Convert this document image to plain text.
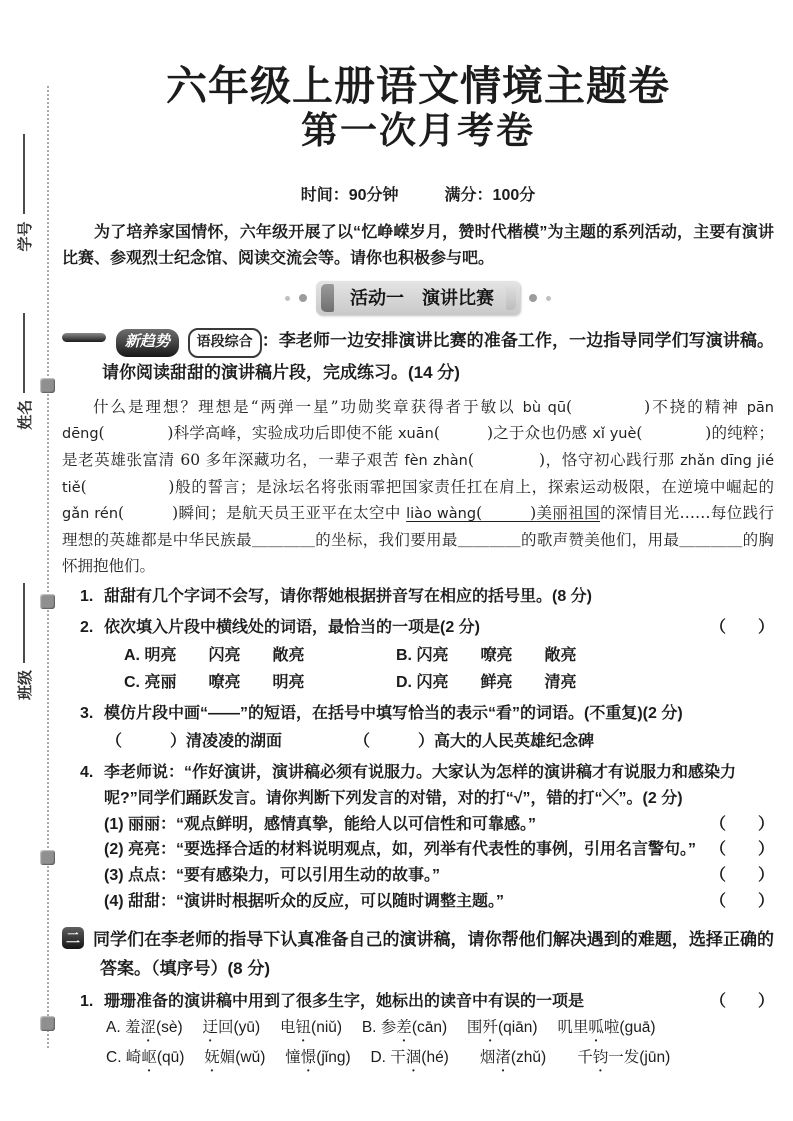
班级 姓名 学号
六年级上册语文情境主题卷
第一次月考卷
时间：90分钟	满分：100分

为了培养家国情怀，六年级开展了以“忆峥嵘岁月，赞时代楷模”为主题的系列活动，主要有演讲比赛、参观烈士纪念馆、阅读交流会等。请你也积极参与吧。

活动一　演讲比赛
新趋势 语段综合 ：李老师一边安排演讲比赛的准备工作，一边指导同学们写演讲稿。请你阅读甜甜的演讲稿片段，完成练习。(14 分)

什么是理想？理想是“两弹一星”功勋奖章获得者于敏以 bù qū(　　　　)不挠的精神 pān dēng(　　　　)科学高峰，实验成功后即使不能 xuān(　　　)之于众也仍感 xǐ yuè(　　　　)的纯粹；是老英雄张富清 60 多年深藏功名，一辈子艰苦 fèn zhàn(　　　　)，恪守初心践行那 zhǎn dīng jié tiě(　　　　　)般的誓言；是泳坛名将张雨霏把国家责任扛在肩上，探索运动极限，在逆境中崛起的 gǎn rén(　　　)瞬间；是航天员王亚平在太空中 liào wàng(　　　)美丽祖国的深情目光……每位践行理想的英雄都是中华民族最＿＿＿＿的坐标，我们要用最＿＿＿＿的歌声赞美他们，用最＿＿＿＿的胸怀拥抱他们。

1. 甜甜有几个字词不会写，请你帮她根据拼音写在相应的括号里。(8 分)
2. 依次填入片段中横线处的词语，最恰当的一项是(2 分)	（　　）
A. 明亮　　闪亮　　敞亮	B. 闪亮　　嘹亮　　敞亮
C. 亮丽　　嘹亮　　明亮	D. 闪亮　　鲜亮　　清亮
3. 模仿片段中画“——”的短语，在括号中填写恰当的表示“看”的词语。(不重复)(2 分)
（　　　）清凌凌的湖面　　　　　（　　　）高大的人民英雄纪念碑
4. 李老师说：“作好演讲，演讲稿必须有说服力。大家认为怎样的演讲稿才有说服力和感染力呢?”同学们踊跃发言。请你判断下列发言的对错，对的打“√”，错的打“╳”。(2 分)
(1) 丽丽：“观点鲜明，感情真挚，能给人以可信性和可靠感。”	（　　）
(2) 亮亮：“要选择合适的材料说明观点，如，列举有代表性的事例，引用名言警句。” （　　）
(3) 点点：“要有感染力，可以引用生动的故事。”	（　　）
(4) 甜甜：“演讲时根据听众的反应，可以随时调整主题。”	（　　）
二 同学们在李老师的指导下认真准备自己的演讲稿，请你帮他们解决遇到的难题，选择正确的答案。（填序号）(8 分)
1. 珊珊准备的演讲稿中用到了很多生字，她标出的读音中有误的一项是	（　　）
A. 羞涩(sè)　 迂回(yū)　 电钮(niǔ)　 B. 参差(cān)　 围歼(qiān)　 叽里呱啦(guā)
C. 崎岖(qū)　 妩媚(wǔ)　 憧憬(jǐng)　 D. 干涸(hé)　　烟渚(zhǔ)　　千钧一发(jūn)
